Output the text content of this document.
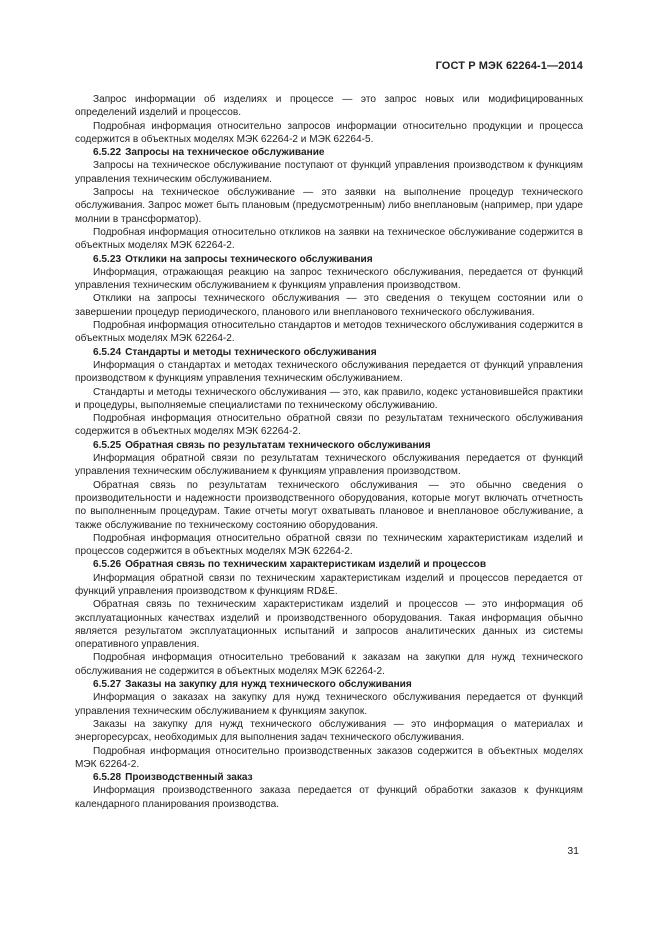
ГОСТ Р МЭК 62264-1—2014

Запрос информации об изделиях и процессе — это запрос новых или модифицированных определений изделий и процессов.

Подробная информация относительно запросов информации относительно продукции и процесса содержится в объектных моделях МЭК 62264-2 и МЭК 62264-5.

6.5.22 Запросы на техническое обслуживание

Запросы на техническое обслуживание поступают от функций управления производством к функциям управления техническим обслуживанием.

Запросы на техническое обслуживание — это заявки на выполнение процедур технического обслуживания. Запрос может быть плановым (предусмотренным) либо внеплановым (например, при ударе молнии в трансформатор).

Подробная информация относительно откликов на заявки на техническое обслуживание содержится в объектных моделях МЭК 62264-2.

6.5.23 Отклики на запросы технического обслуживания

Информация, отражающая реакцию на запрос технического обслуживания, передается от функций управления техническим обслуживанием к функциям управления производством.

Отклики на запросы технического обслуживания — это сведения о текущем состоянии или о завершении процедур периодического, планового или внепланового технического обслуживания.

Подробная информация относительно стандартов и методов технического обслуживания содержится в объектных моделях МЭК 62264-2.

6.5.24 Стандарты и методы технического обслуживания

Информация о стандартах и методах технического обслуживания передается от функций управления производством к функциям управления техническим обслуживанием.

Стандарты и методы технического обслуживания — это, как правило, кодекс установившейся практики и процедуры, выполняемые специалистами по техническому обслуживанию.

Подробная информация относительно обратной связи по результатам технического обслуживания содержится в объектных моделях МЭК 62264-2.

6.5.25 Обратная связь по результатам технического обслуживания

Информация обратной связи по результатам технического обслуживания передается от функций управления техническим обслуживанием к функциям управления производством.

Обратная связь по результатам технического обслуживания — это обычно сведения о производительности и надежности производственного оборудования, которые могут включать отчетность по выполненным процедурам. Такие отчеты могут охватывать плановое и внеплановое обслуживание, а также обслуживание по техническому состоянию оборудования.

Подробная информация относительно обратной связи по техническим характеристикам изделий и процессов содержится в объектных моделях МЭК 62264-2.

6.5.26 Обратная связь по техническим характеристикам изделий и процессов

Информация обратной связи по техническим характеристикам изделий и процессов передается от функций управления производством к функциям RD&E.

Обратная связь по техническим характеристикам изделий и процессов — это информация об эксплуатационных качествах изделий и производственного оборудования. Такая информация обычно является результатом эксплуатационных испытаний и запросов аналитических данных из системы оперативного управления.

Подробная информация относительно требований к заказам на закупки для нужд технического обслуживания не содержится в объектных моделях МЭК 62264-2.

6.5.27 Заказы на закупку для нужд технического обслуживания

Информация о заказах на закупку для нужд технического обслуживания передается от функций управления техническим обслуживанием к функциям закупок.

Заказы на закупку для нужд технического обслуживания — это информация о материалах и энергоресурсах, необходимых для выполнения задач технического обслуживания.

Подробная информация относительно производственных заказов содержится в объектных моделях МЭК 62264-2.

6.5.28 Производственный заказ

Информация производственного заказа передается от функций обработки заказов к функциям календарного планирования производства.

31
